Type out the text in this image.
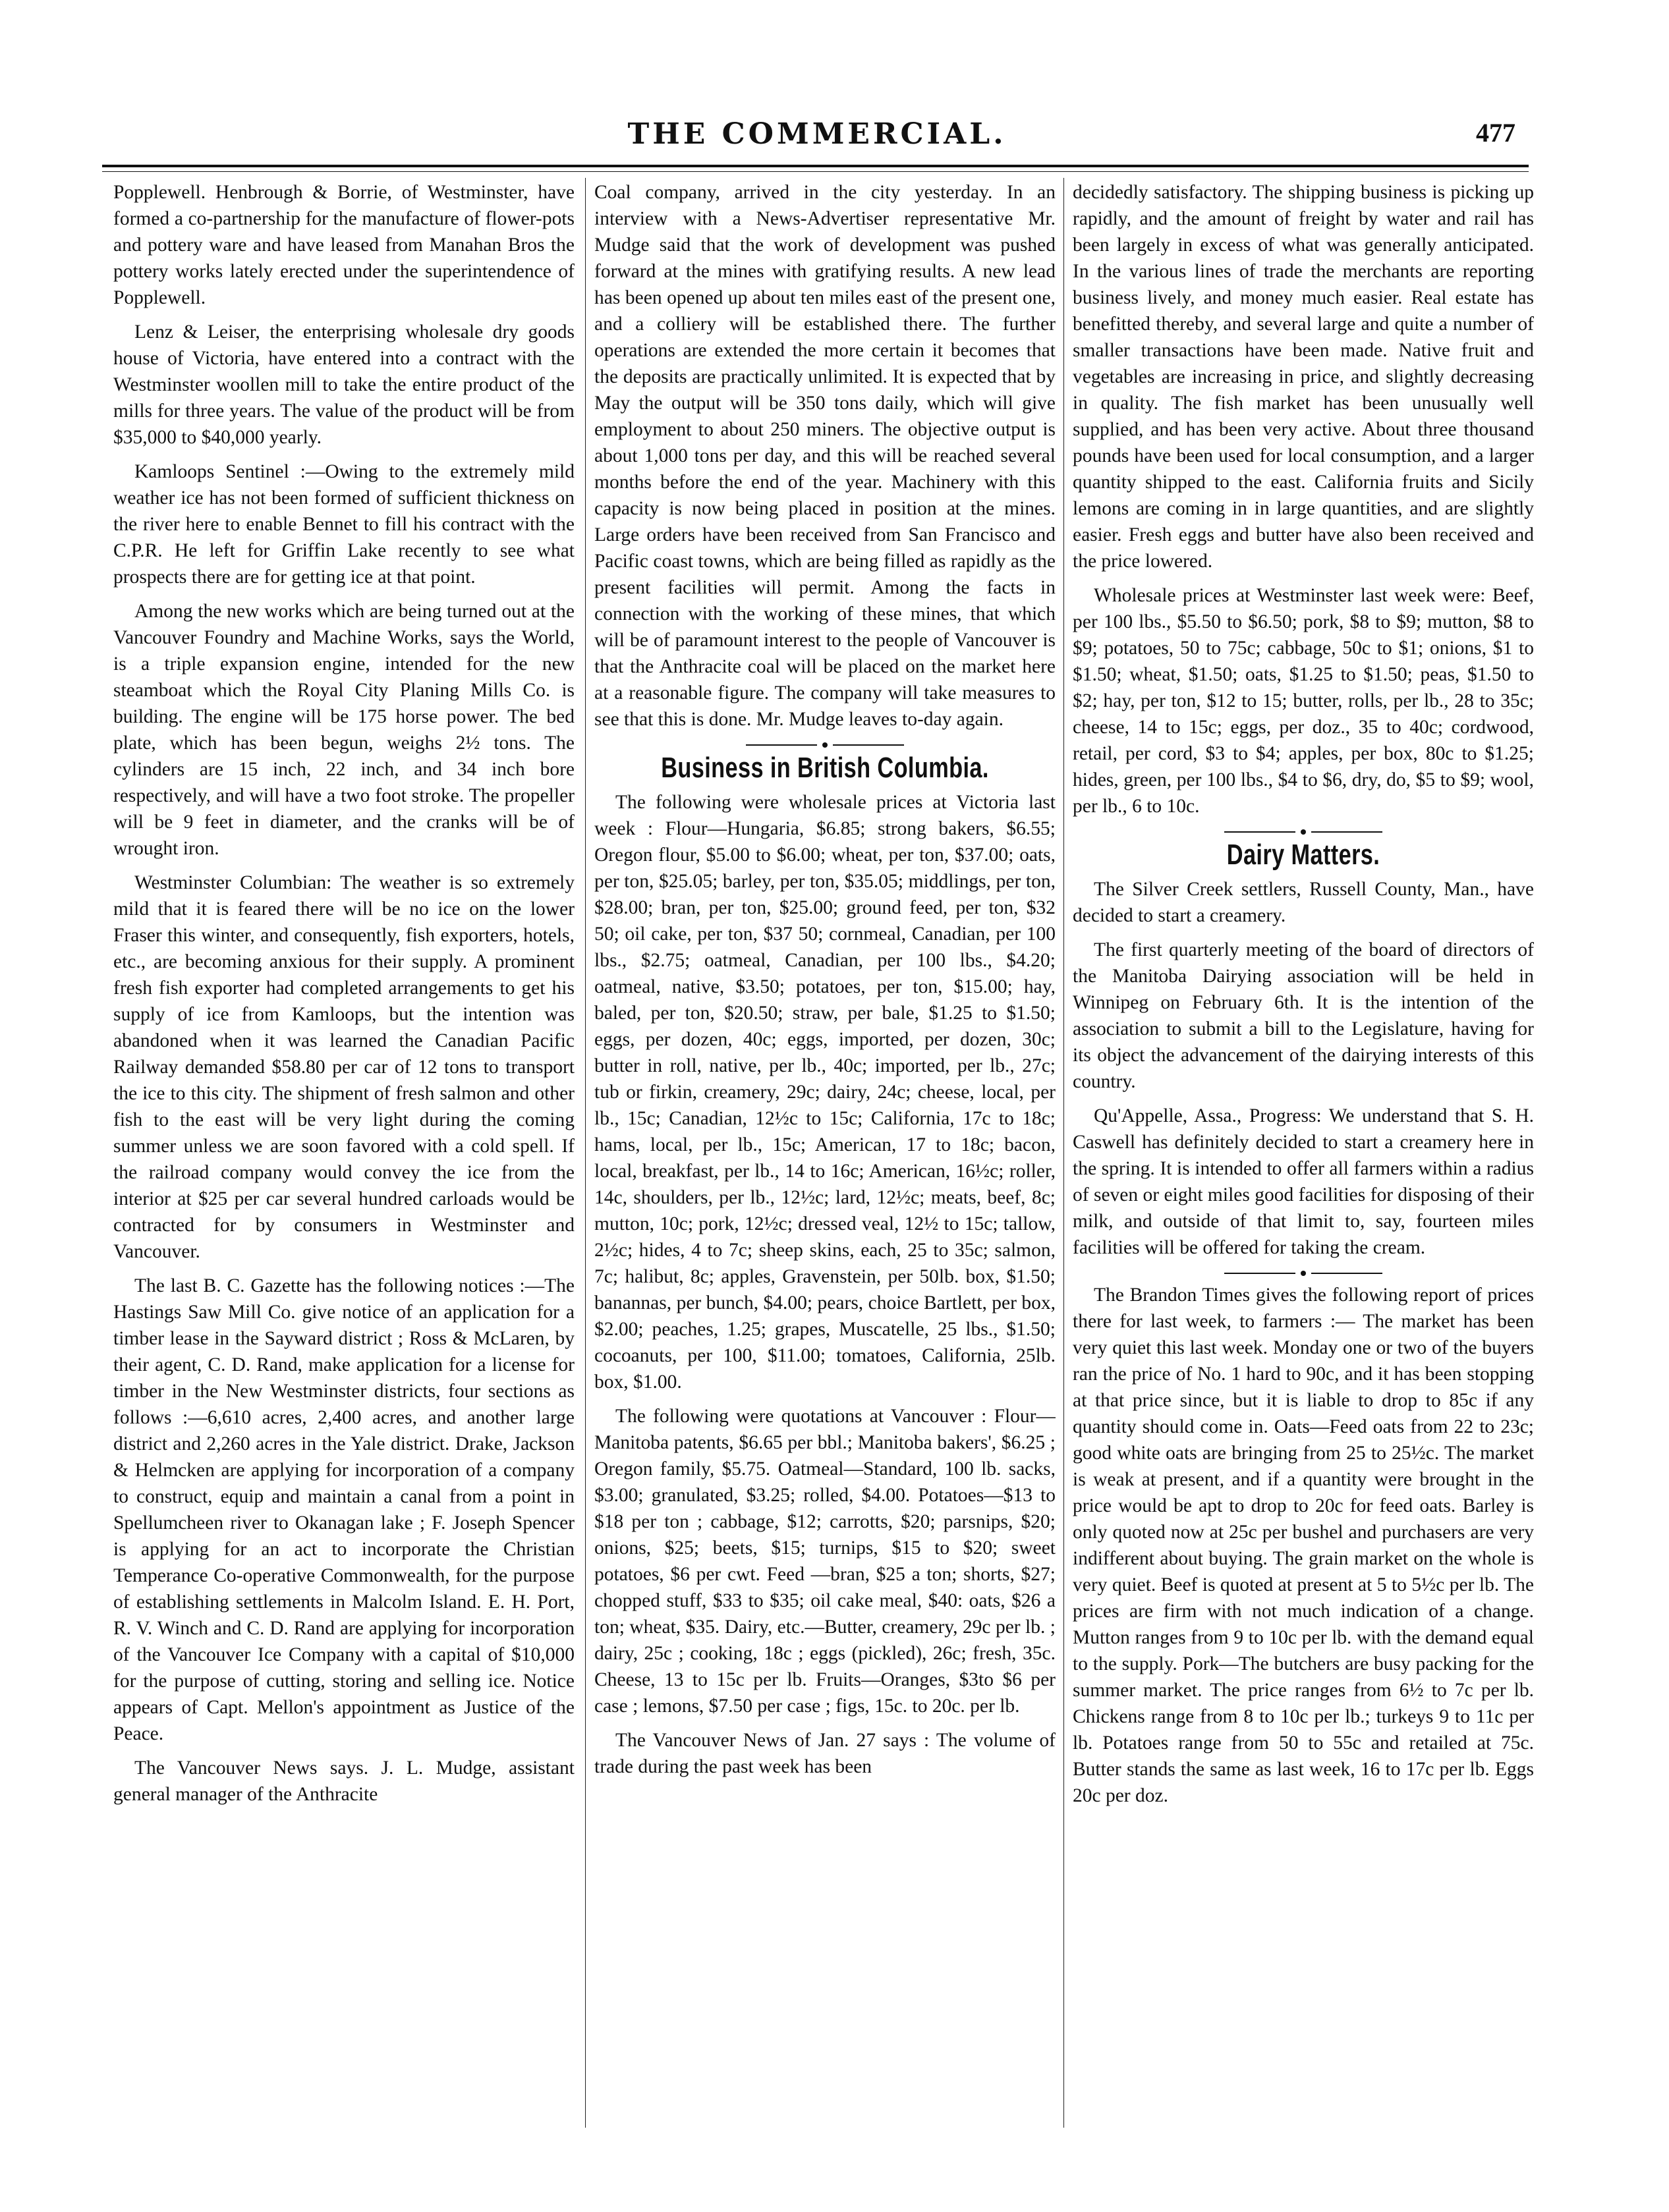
THE COMMERCIAL.	477

Popplewell. Henbrough & Borrie, of Westminster, have formed a co-partnership for the manufacture of flower-pots and pottery ware and have leased from Manahan Bros the pottery works lately erected under the superintendence of Popplewell.

Lenz & Leiser, the enterprising wholesale dry goods house of Victoria, have entered into a contract with the Westminster woollen mill to take the entire product of the mills for three years. The value of the product will be from $35,000 to $40,000 yearly.

Kamloops Sentinel :—Owing to the extremely mild weather ice has not been formed of sufficient thickness on the river here to enable Bennet to fill his contract with the C.P.R. He left for Griffin Lake recently to see what prospects there are for getting ice at that point.

Among the new works which are being turned out at the Vancouver Foundry and Machine Works, says the World, is a triple expansion engine, intended for the new steamboat which the Royal City Planing Mills Co. is building. The engine will be 175 horse power. The bed plate, which has been begun, weighs 2½ tons. The cylinders are 15 inch, 22 inch, and 34 inch bore respectively, and will have a two foot stroke. The propeller will be 9 feet in diameter, and the cranks will be of wrought iron.

Westminster Columbian: The weather is so extremely mild that it is feared there will be no ice on the lower Fraser this winter, and consequently, fish exporters, hotels, etc., are becoming anxious for their supply. A prominent fresh fish exporter had completed arrangements to get his supply of ice from Kamloops, but the intention was abandoned when it was learned the Canadian Pacific Railway demanded $58.80 per car of 12 tons to transport the ice to this city. The shipment of fresh salmon and other fish to the east will be very light during the coming summer unless we are soon favored with a cold spell. If the railroad company would convey the ice from the interior at $25 per car several hundred carloads would be contracted for by consumers in Westminster and Vancouver.

The last B. C. Gazette has the following notices :—The Hastings Saw Mill Co. give notice of an application for a timber lease in the Sayward district ; Ross & McLaren, by their agent, C. D. Rand, make application for a license for timber in the New Westminster districts, four sections as follows :—6,610 acres, 2,400 acres, and another large district and 2,260 acres in the Yale district. Drake, Jackson & Helmcken are applying for incorporation of a company to construct, equip and maintain a canal from a point in Spellumcheen river to Okanagan lake ; F. Joseph Spencer is applying for an act to incorporate the Christian Temperance Co-operative Commonwealth, for the purpose of establishing settlements in Malcolm Island. E. H. Port, R. V. Winch and C. D. Rand are applying for incorporation of the Vancouver Ice Company with a capital of $10,000 for the purpose of cutting, storing and selling ice. Notice appears of Capt. Mellon's appointment as Justice of the Peace.

The Vancouver News says. J. L. Mudge, assistant general manager of the Anthracite

Coal company, arrived in the city yesterday. In an interview with a News-Advertiser representative Mr. Mudge said that the work of development was pushed forward at the mines with gratifying results. A new lead has been opened up about ten miles east of the present one, and a colliery will be established there. The further operations are extended the more certain it becomes that the deposits are practically unlimited. It is expected that by May the output will be 350 tons daily, which will give employment to about 250 miners. The objective output is about 1,000 tons per day, and this will be reached several months before the end of the year. Machinery with this capacity is now being placed in position at the mines. Large orders have been received from San Francisco and Pacific coast towns, which are being filled as rapidly as the present facilities will permit. Among the facts in connection with the working of these mines, that which will be of paramount interest to the people of Vancouver is that the Anthracite coal will be placed on the market here at a reasonable figure. The company will take measures to see that this is done. Mr. Mudge leaves to-day again.

Business in British Columbia.

The following were wholesale prices at Victoria last week : Flour—Hungaria, $6.85; strong bakers, $6.55; Oregon flour, $5.00 to $6.00; wheat, per ton, $37.00; oats, per ton, $25.05; barley, per ton, $35.05; middlings, per ton, $28.00; bran, per ton, $25.00; ground feed, per ton, $32 50; oil cake, per ton, $37 50; cornmeal, Canadian, per 100 lbs., $2.75; oatmeal, Canadian, per 100 lbs., $4.20; oatmeal, native, $3.50; potatoes, per ton, $15.00; hay, baled, per ton, $20.50; straw, per bale, $1.25 to $1.50; eggs, per dozen, 40c; eggs, imported, per dozen, 30c; butter in roll, native, per lb., 40c; imported, per lb., 27c; tub or firkin, creamery, 29c; dairy, 24c; cheese, local, per lb., 15c; Canadian, 12½c to 15c; California, 17c to 18c; hams, local, per lb., 15c; American, 17 to 18c; bacon, local, breakfast, per lb., 14 to 16c; American, 16½c; roller, 14c, shoulders, per lb., 12½c; lard, 12½c; meats, beef, 8c; mutton, 10c; pork, 12½c; dressed veal, 12½ to 15c; tallow, 2½c; hides, 4 to 7c; sheep skins, each, 25 to 35c; salmon, 7c; halibut, 8c; apples, Gravenstein, per 50lb. box, $1.50; banannas, per bunch, $4.00; pears, choice Bartlett, per box, $2.00; peaches, 1.25; grapes, Muscatelle, 25 lbs., $1.50; cocoanuts, per 100, $11.00; tomatoes, California, 25lb. box, $1.00.

The following were quotations at Vancouver : Flour—Manitoba patents, $6.65 per bbl.; Manitoba bakers', $6.25 ; Oregon family, $5.75. Oatmeal—Standard, 100 lb. sacks, $3.00; granulated, $3.25; rolled, $4.00. Potatoes—$13 to $18 per ton ; cabbage, $12; carrotts, $20; parsnips, $20; onions, $25; beets, $15; turnips, $15 to $20; sweet potatoes, $6 per cwt. Feed —bran, $25 a ton; shorts, $27; chopped stuff, $33 to $35; oil cake meal, $40: oats, $26 a ton; wheat, $35. Dairy, etc.—Butter, creamery, 29c per lb. ; dairy, 25c ; cooking, 18c ; eggs (pickled), 26c; fresh, 35c. Cheese, 13 to 15c per lb. Fruits—Oranges, $3to $6 per case ; lemons, $7.50 per case ; figs, 15c. to 20c. per lb.

The Vancouver News of Jan. 27 says : The volume of trade during the past week has been

decidedly satisfactory. The shipping business is picking up rapidly, and the amount of freight by water and rail has been largely in excess of what was generally anticipated. In the various lines of trade the merchants are reporting business lively, and money much easier. Real estate has benefitted thereby, and several large and quite a number of smaller transactions have been made. Native fruit and vegetables are increasing in price, and slightly decreasing in quality. The fish market has been unusually well supplied, and has been very active. About three thousand pounds have been used for local consumption, and a larger quantity shipped to the east. California fruits and Sicily lemons are coming in in large quantities, and are slightly easier. Fresh eggs and butter have also been received and the price lowered.

Wholesale prices at Westminster last week were: Beef, per 100 lbs., $5.50 to $6.50; pork, $8 to $9; mutton, $8 to $9; potatoes, 50 to 75c; cabbage, 50c to $1; onions, $1 to $1.50; wheat, $1.50; oats, $1.25 to $1.50; peas, $1.50 to $2; hay, per ton, $12 to 15; butter, rolls, per lb., 28 to 35c; cheese, 14 to 15c; eggs, per doz., 35 to 40c; cordwood, retail, per cord, $3 to $4; apples, per box, 80c to $1.25; hides, green, per 100 lbs., $4 to $6, dry, do, $5 to $9; wool, per lb., 6 to 10c.

Dairy Matters.

The Silver Creek settlers, Russell County, Man., have decided to start a creamery.

The first quarterly meeting of the board of directors of the Manitoba Dairying association will be held in Winnipeg on February 6th. It is the intention of the association to submit a bill to the Legislature, having for its object the advancement of the dairying interests of this country.

Qu'Appelle, Assa., Progress: We understand that S. H. Caswell has definitely decided to start a creamery here in the spring. It is intended to offer all farmers within a radius of seven or eight miles good facilities for disposing of their milk, and outside of that limit to, say, fourteen miles facilities will be offered for taking the cream.

The Brandon Times gives the following report of prices there for last week, to farmers :— The market has been very quiet this last week. Monday one or two of the buyers ran the price of No. 1 hard to 90c, and it has been stopping at that price since, but it is liable to drop to 85c if any quantity should come in. Oats—Feed oats from 22 to 23c; good white oats are bringing from 25 to 25½c. The market is weak at present, and if a quantity were brought in the price would be apt to drop to 20c for feed oats. Barley is only quoted now at 25c per bushel and purchasers are very indifferent about buying. The grain market on the whole is very quiet. Beef is quoted at present at 5 to 5½c per lb. The prices are firm with not much indication of a change. Mutton ranges from 9 to 10c per lb. with the demand equal to the supply. Pork—The butchers are busy packing for the summer market. The price ranges from 6½ to 7c per lb. Chickens range from 8 to 10c per lb.; turkeys 9 to 11c per lb. Potatoes range from 50 to 55c and retailed at 75c. Butter stands the same as last week, 16 to 17c per lb. Eggs 20c per doz.
